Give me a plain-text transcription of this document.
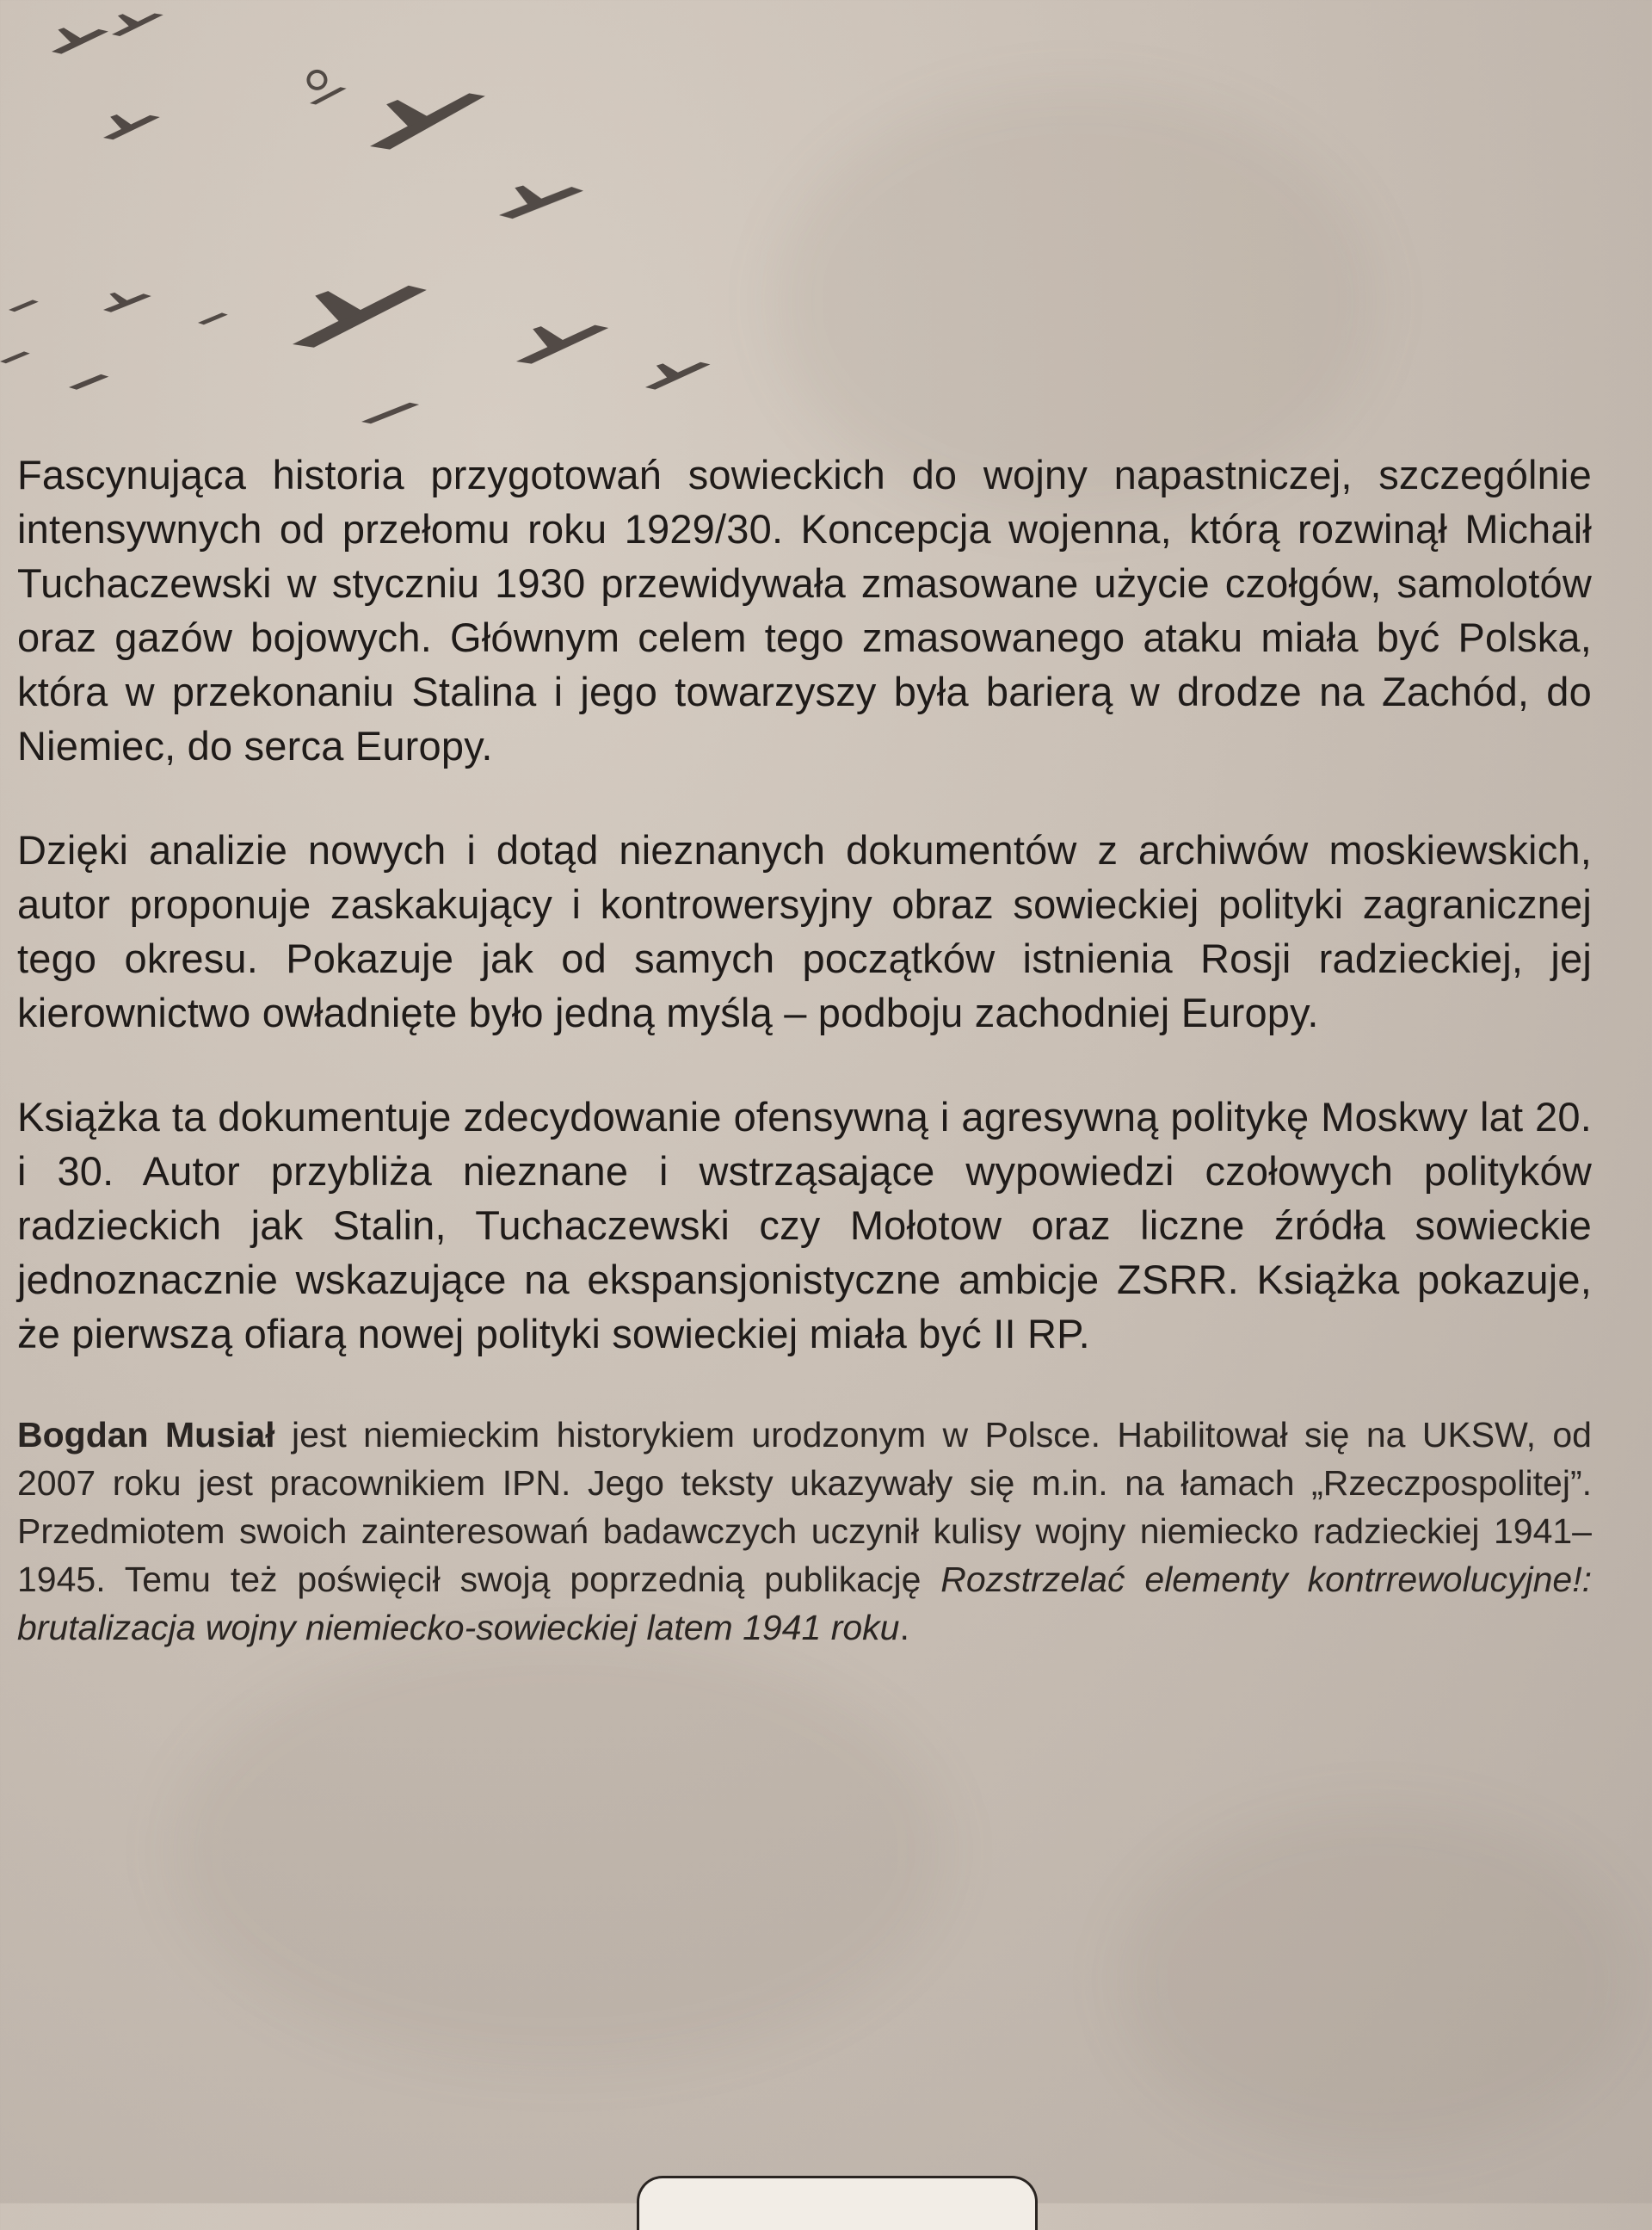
Fascynująca historia przygotowań sowieckich do wojny napastniczej, szczególnie intensywnych od przełomu roku 1929/30. Koncepcja wojenna, którą rozwinął Michaił Tuchaczewski w styczniu 1930 przewidywała zmasowane użycie czołgów, samolotów oraz gazów bojowych. Głównym celem tego zmasowanego ataku miała być Polska, która w przekonaniu Stalina i jego towarzyszy była barierą w drodze na Zachód, do Niemiec, do serca Europy.

Dzięki analizie nowych i dotąd nieznanych dokumentów z archiwów moskiewskich, autor proponuje zaskakujący i kontrowersyjny obraz sowieckiej polityki zagranicznej tego okresu. Pokazuje jak od samych początków istnienia Rosji radzieckiej, jej kierownictwo owładnięte było jedną myślą – podboju zachodniej Europy.

Książka ta dokumentuje zdecydowanie ofensywną i agresywną politykę Moskwy lat 20. i 30. Autor przybliża nieznane i wstrząsające wypowiedzi czołowych polityków radzieckich jak Stalin, Tuchaczewski czy Mołotow oraz liczne źródła sowieckie jednoznacznie wskazujące na ekspansjonistyczne ambicje ZSRR. Książka pokazuje, że pierwszą ofiarą nowej polityki sowieckiej miała być II RP.

Bogdan Musiał jest niemieckim historykiem urodzonym w Polsce. Habilitował się na UKSW, od 2007 roku jest pracownikiem IPN. Jego teksty ukazywały się m.in. na łamach „Rzeczpospolitej”. Przedmiotem swoich zainteresowań badawczych uczynił kulisy wojny niemiecko radzieckiej 1941–1945. Temu też poświęcił swoją poprzednią publikację Rozstrzelać elementy kontrrewolucyjne!: brutalizacja wojny niemiecko-sowieckiej latem 1941 roku.
